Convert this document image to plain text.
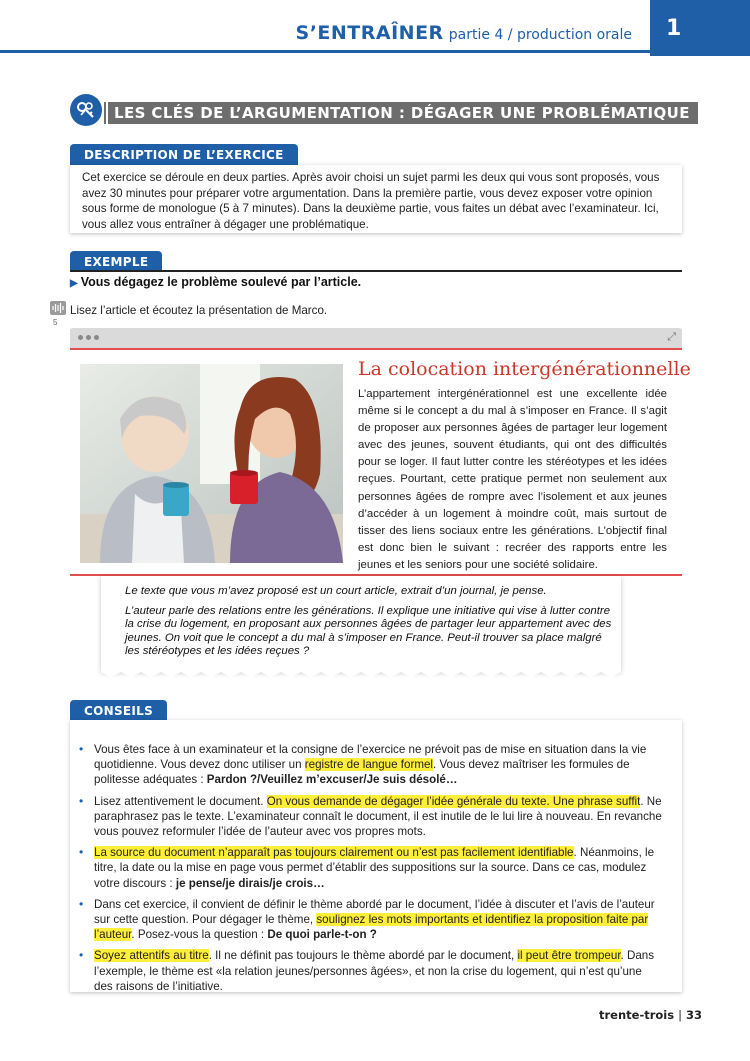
S’ENTRAÎNER partie 4 / production orale	1
LES CLÉS DE L’ARGUMENTATION : DÉGAGER UNE PROBLÉMATIQUE
DESCRIPTION DE L’EXERCICE

Cet exercice se déroule en deux parties. Après avoir choisi un sujet parmi les deux qui vous sont proposés, vous avez 30 minutes pour préparer votre argumentation. Dans la première partie, vous devez exposer votre opinion sous forme de monologue (5 à 7 minutes). Dans la deuxième partie, vous faites un débat avec l’examinateur. Ici, vous allez vous entraîner à dégager une problématique.

EXEMPLE
▶ Vous dégagez le problème soulevé par l’article.
5
Lisez l’article et écoutez la présentation de Marco.
⤢
La colocation intergénérationnelle

L’appartement intergénérationnel est une excellente idée même si le concept a du mal à s’imposer en France. Il s’agit de proposer aux personnes âgées de partager leur logement avec des jeunes, souvent étudiants, qui ont des difficultés pour se loger. Il faut lutter contre les stéréotypes et les idées reçues. Pourtant, cette pratique permet non seulement aux personnes âgées de rompre avec l’isolement et aux jeunes d’accéder à un logement à moindre coût, mais surtout de tisser des liens sociaux entre les générations. L’objectif final est donc bien le suivant : recréer des rapports entre les jeunes et les seniors pour une société solidaire.

Le texte que vous m’avez proposé est un court article, extrait d’un journal, je pense.

L’auteur parle des relations entre les générations. Il explique une initiative qui vise à lutter contre la crise du logement, en proposant aux personnes âgées de partager leur appartement avec des jeunes. On voit que le concept a du mal à s’imposer en France. Peut-il trouver sa place malgré les stéréotypes et les idées reçues ?

CONSEILS
• Vous êtes face à un examinateur et la consigne de l’exercice ne prévoit pas de mise en situation dans la vie quotidienne. Vous devez donc utiliser un registre de langue formel. Vous devez maîtriser les formules de politesse adéquates : Pardon ?/Veuillez m’excuser/Je suis désolé…
• Lisez attentivement le document. On vous demande de dégager l’idée générale du texte. Une phrase suffit. Ne paraphrasez pas le texte. L’examinateur connaît le document, il est inutile de le lui lire à nouveau. En revanche vous pouvez reformuler l’idée de l’auteur avec vos propres mots.
• La source du document n’apparaît pas toujours clairement ou n’est pas facilement identifiable. Néanmoins, le titre, la date ou la mise en page vous permet d’établir des suppositions sur la source. Dans ce cas, modulez votre discours : je pense/je dirais/je crois…
• Dans cet exercice, il convient de définir le thème abordé par le document, l’idée à discuter et l’avis de l’auteur sur cette question. Pour dégager le thème, soulignez les mots importants et identifiez la proposition faite par l’auteur. Posez-vous la question : De quoi parle-t-on ?
• Soyez attentifs au titre. Il ne définit pas toujours le thème abordé par le document, il peut être trompeur. Dans l’exemple, le thème est «la relation jeunes/personnes âgées», et non la crise du logement, qui n’est qu’une des raisons de l’initiative.
trente-trois | 33
